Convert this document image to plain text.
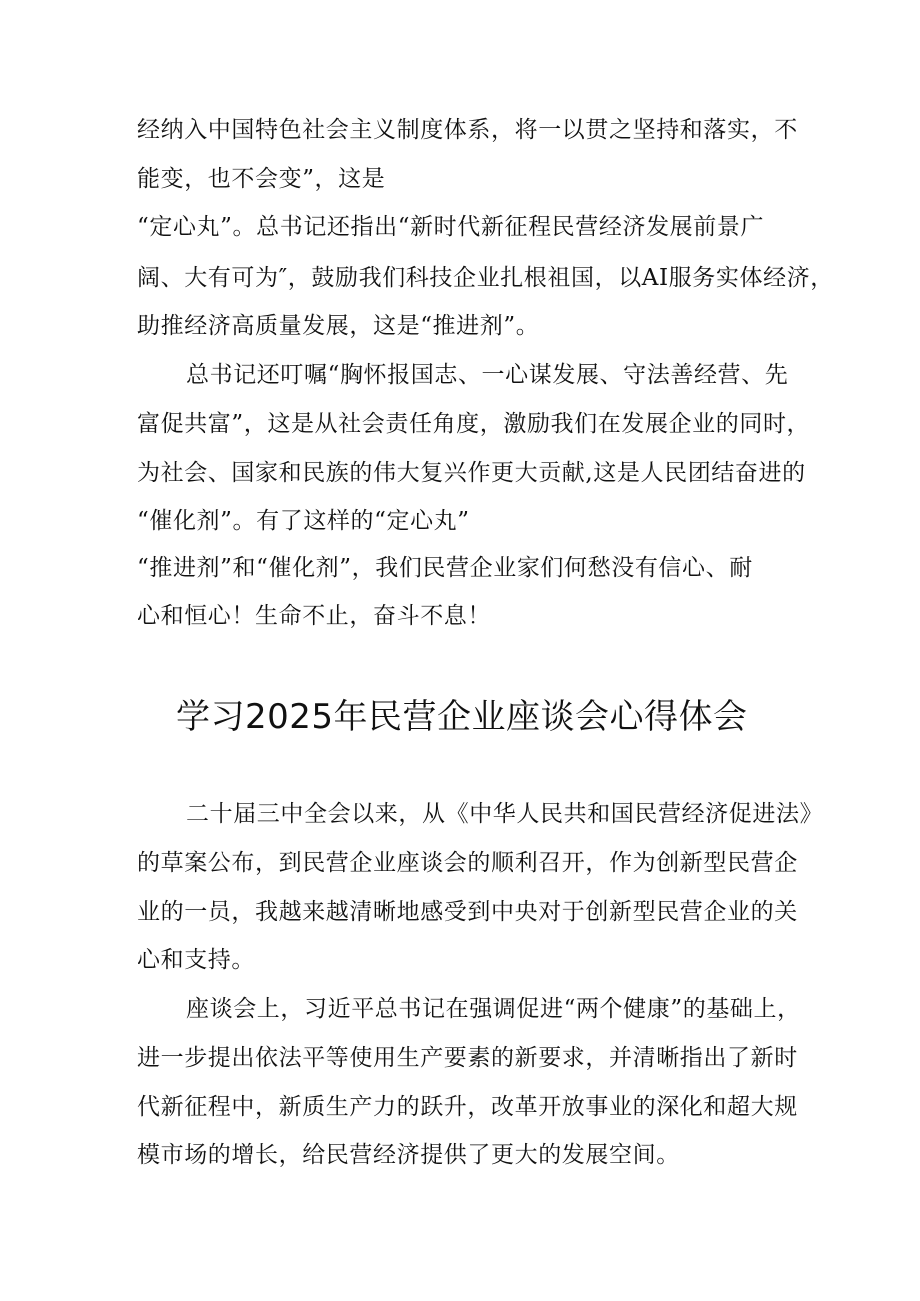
经纳入中国特色社会主义制度体系，将一以贯之坚持和落实，不

能变，也不会变”，这是

“定心丸”。总书记还指出“新时代新征程民营经济发展前景广

阔、大有可为″，鼓励我们科技企业扎根祖国，以AI服务实体经济，

助推经济高质量发展，这是“推进剂”。

总书记还叮嘱“胸怀报国志、一心谋发展、守法善经营、先

富促共富”，这是从社会责任角度，激励我们在发展企业的同时，

为社会、国家和民族的伟大复兴作更大贡献,这是人民团结奋进的

“催化剂”。有了这样的“定心丸”

“推进剂”和“催化剂”，我们民营企业家们何愁没有信心、耐

心和恒心！生命不止，奋斗不息！

学习2025年民营企业座谈会心得体会

二十届三中全会以来，从《中华人民共和国民营经济促进法》

的草案公布，到民营企业座谈会的顺利召开，作为创新型民营企

业的一员，我越来越清晰地感受到中央对于创新型民营企业的关

心和支持。

座谈会上，习近平总书记在强调促进“两个健康”的基础上，

进一步提出依法平等使用生产要素的新要求，并清晰指出了新时

代新征程中，新质生产力的跃升，改革开放事业的深化和超大规

模市场的增长，给民营经济提供了更大的发展空间。
